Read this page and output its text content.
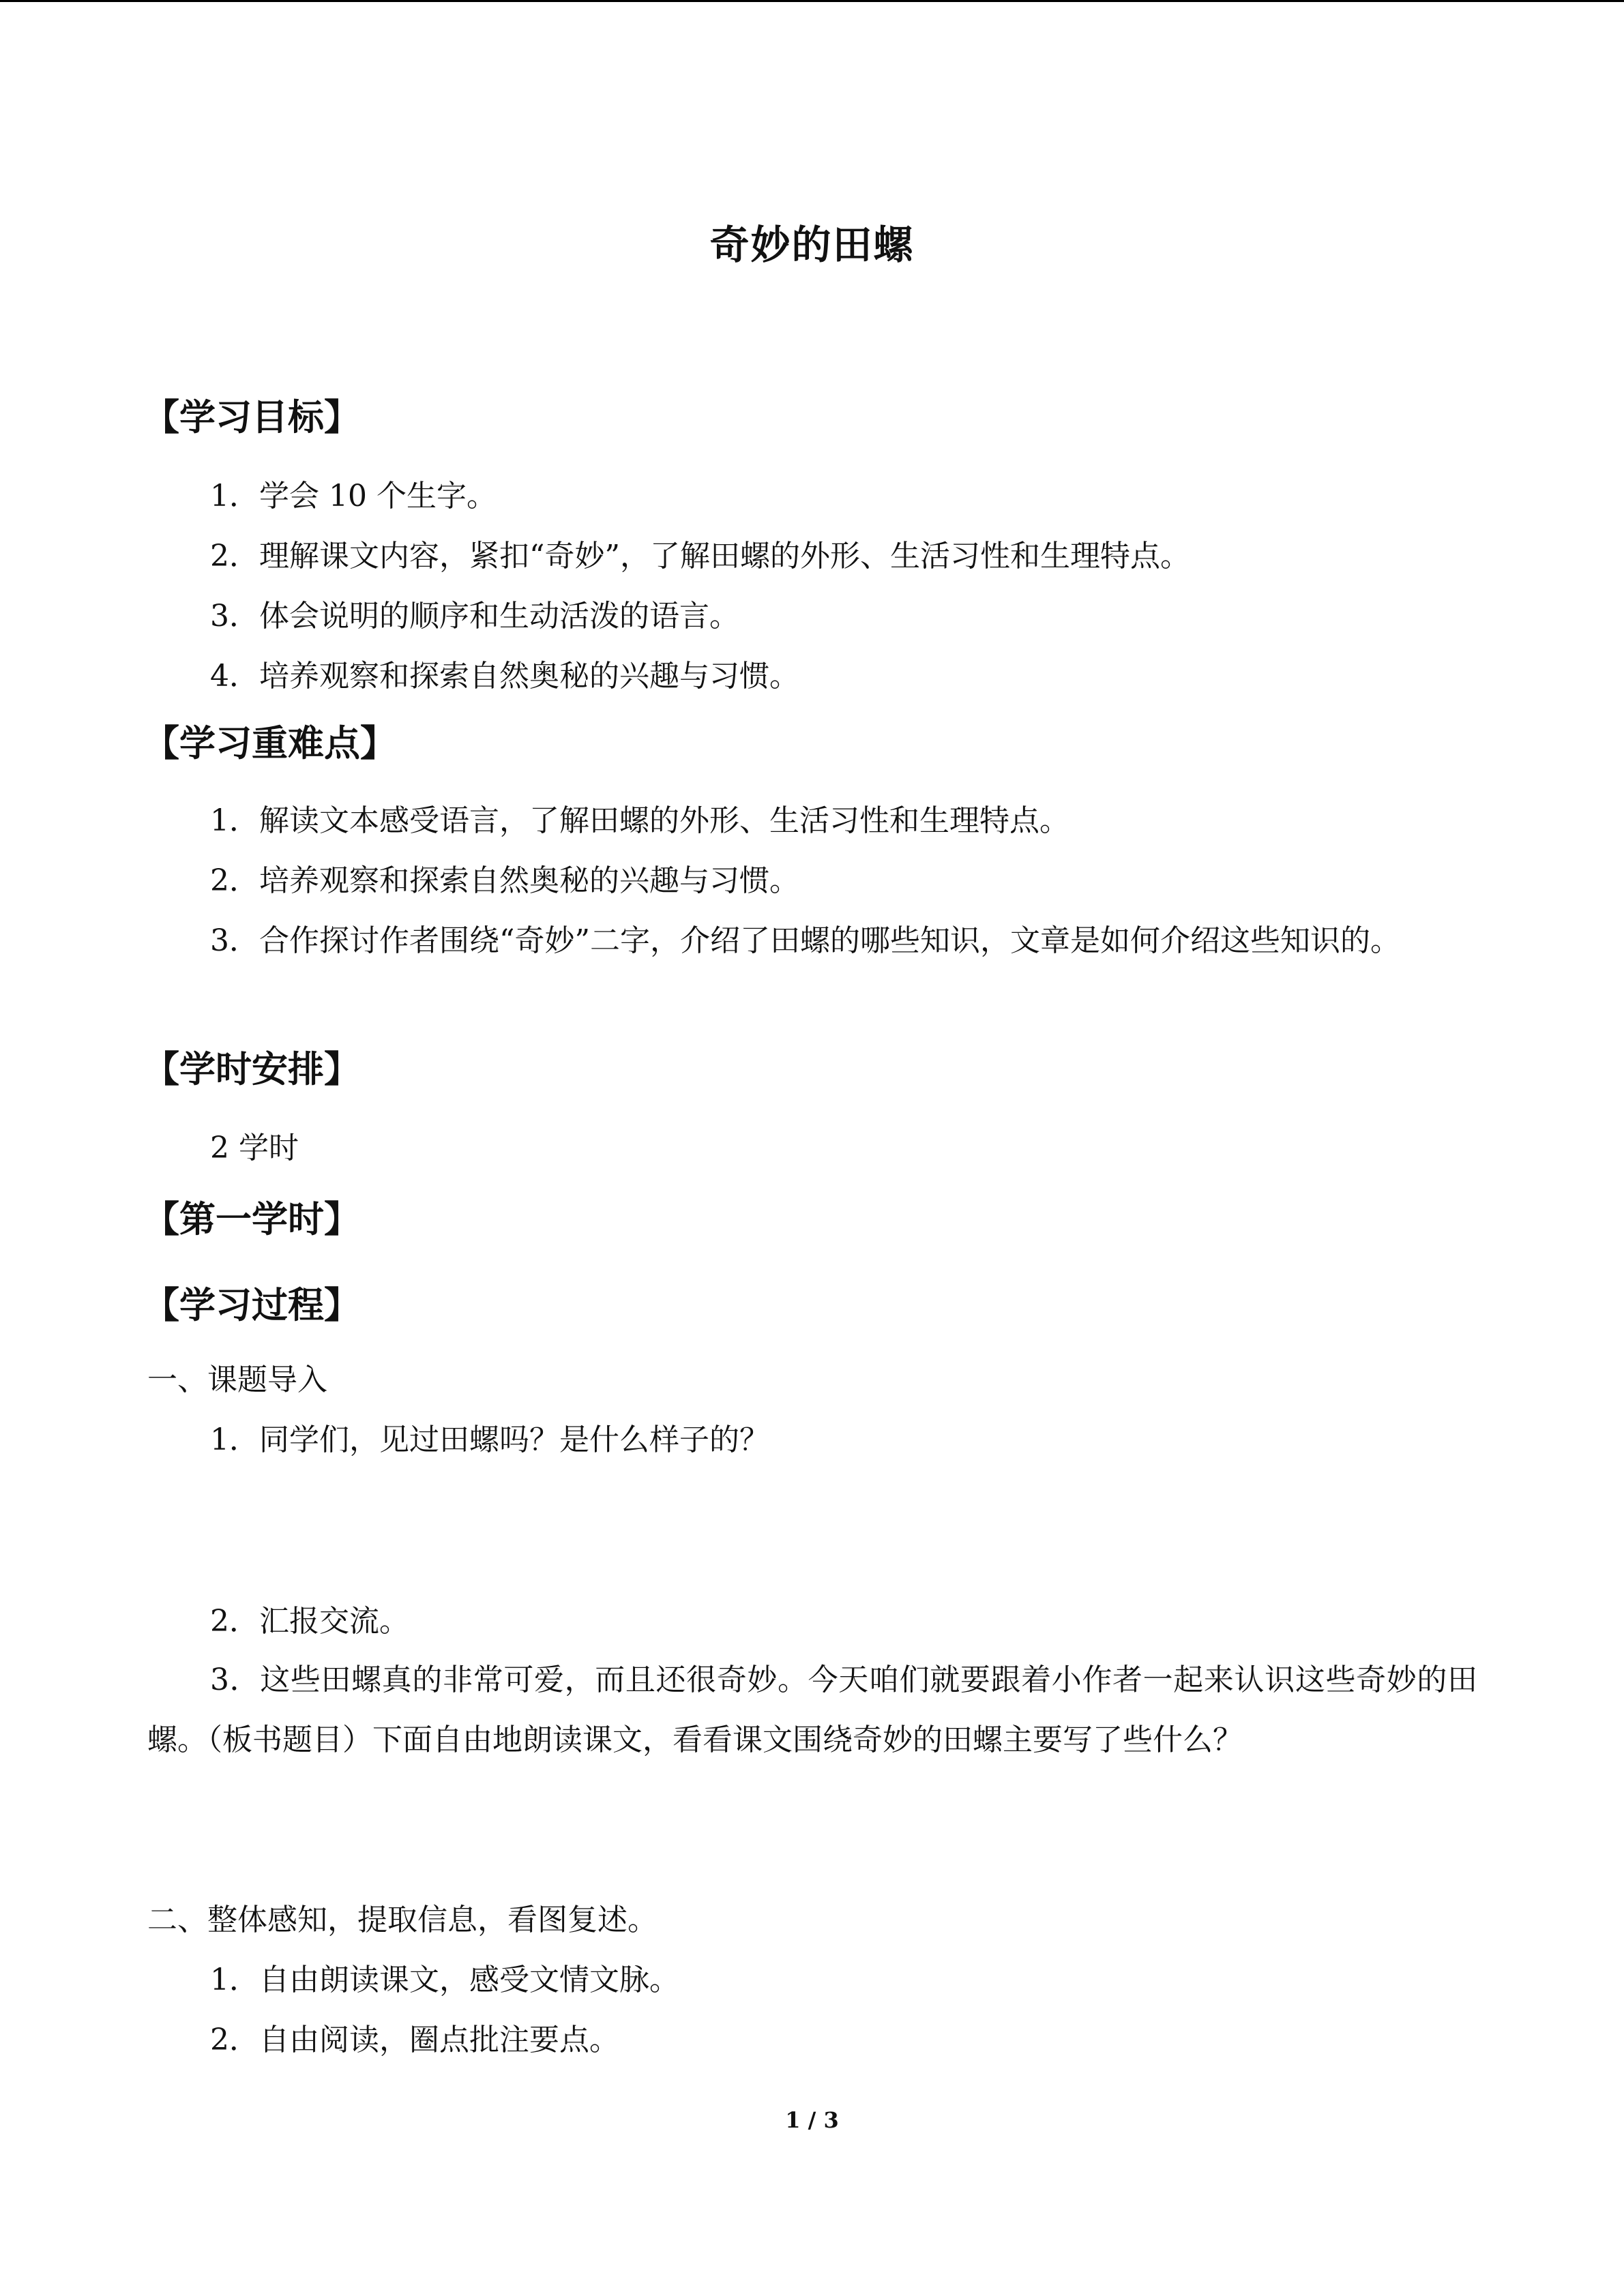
奇妙的田螺
【学习目标】
1．学会 10 个生字。
2．理解课文内容，紧扣“奇妙”，了解田螺的外形、生活习性和生理特点。
3．体会说明的顺序和生动活泼的语言。
4．培养观察和探索自然奥秘的兴趣与习惯。
【学习重难点】
1．解读文本感受语言，了解田螺的外形、生活习性和生理特点。
2．培养观察和探索自然奥秘的兴趣与习惯。
3．合作探讨作者围绕“奇妙”二字，介绍了田螺的哪些知识，文章是如何介绍这些知识的。
【学时安排】
2 学时
【第一学时】
【学习过程】
一、课题导入
1．同学们，见过田螺吗？是什么样子的？
2．汇报交流。
3．这些田螺真的非常可爱，而且还很奇妙。今天咱们就要跟着小作者一起来认识这些奇妙的田螺。（板书题目）下面自由地朗读课文，看看课文围绕奇妙的田螺主要写了些什么？
二、整体感知，提取信息，看图复述。
1．自由朗读课文，感受文情文脉。
2．自由阅读，圈点批注要点。
1 / 3
